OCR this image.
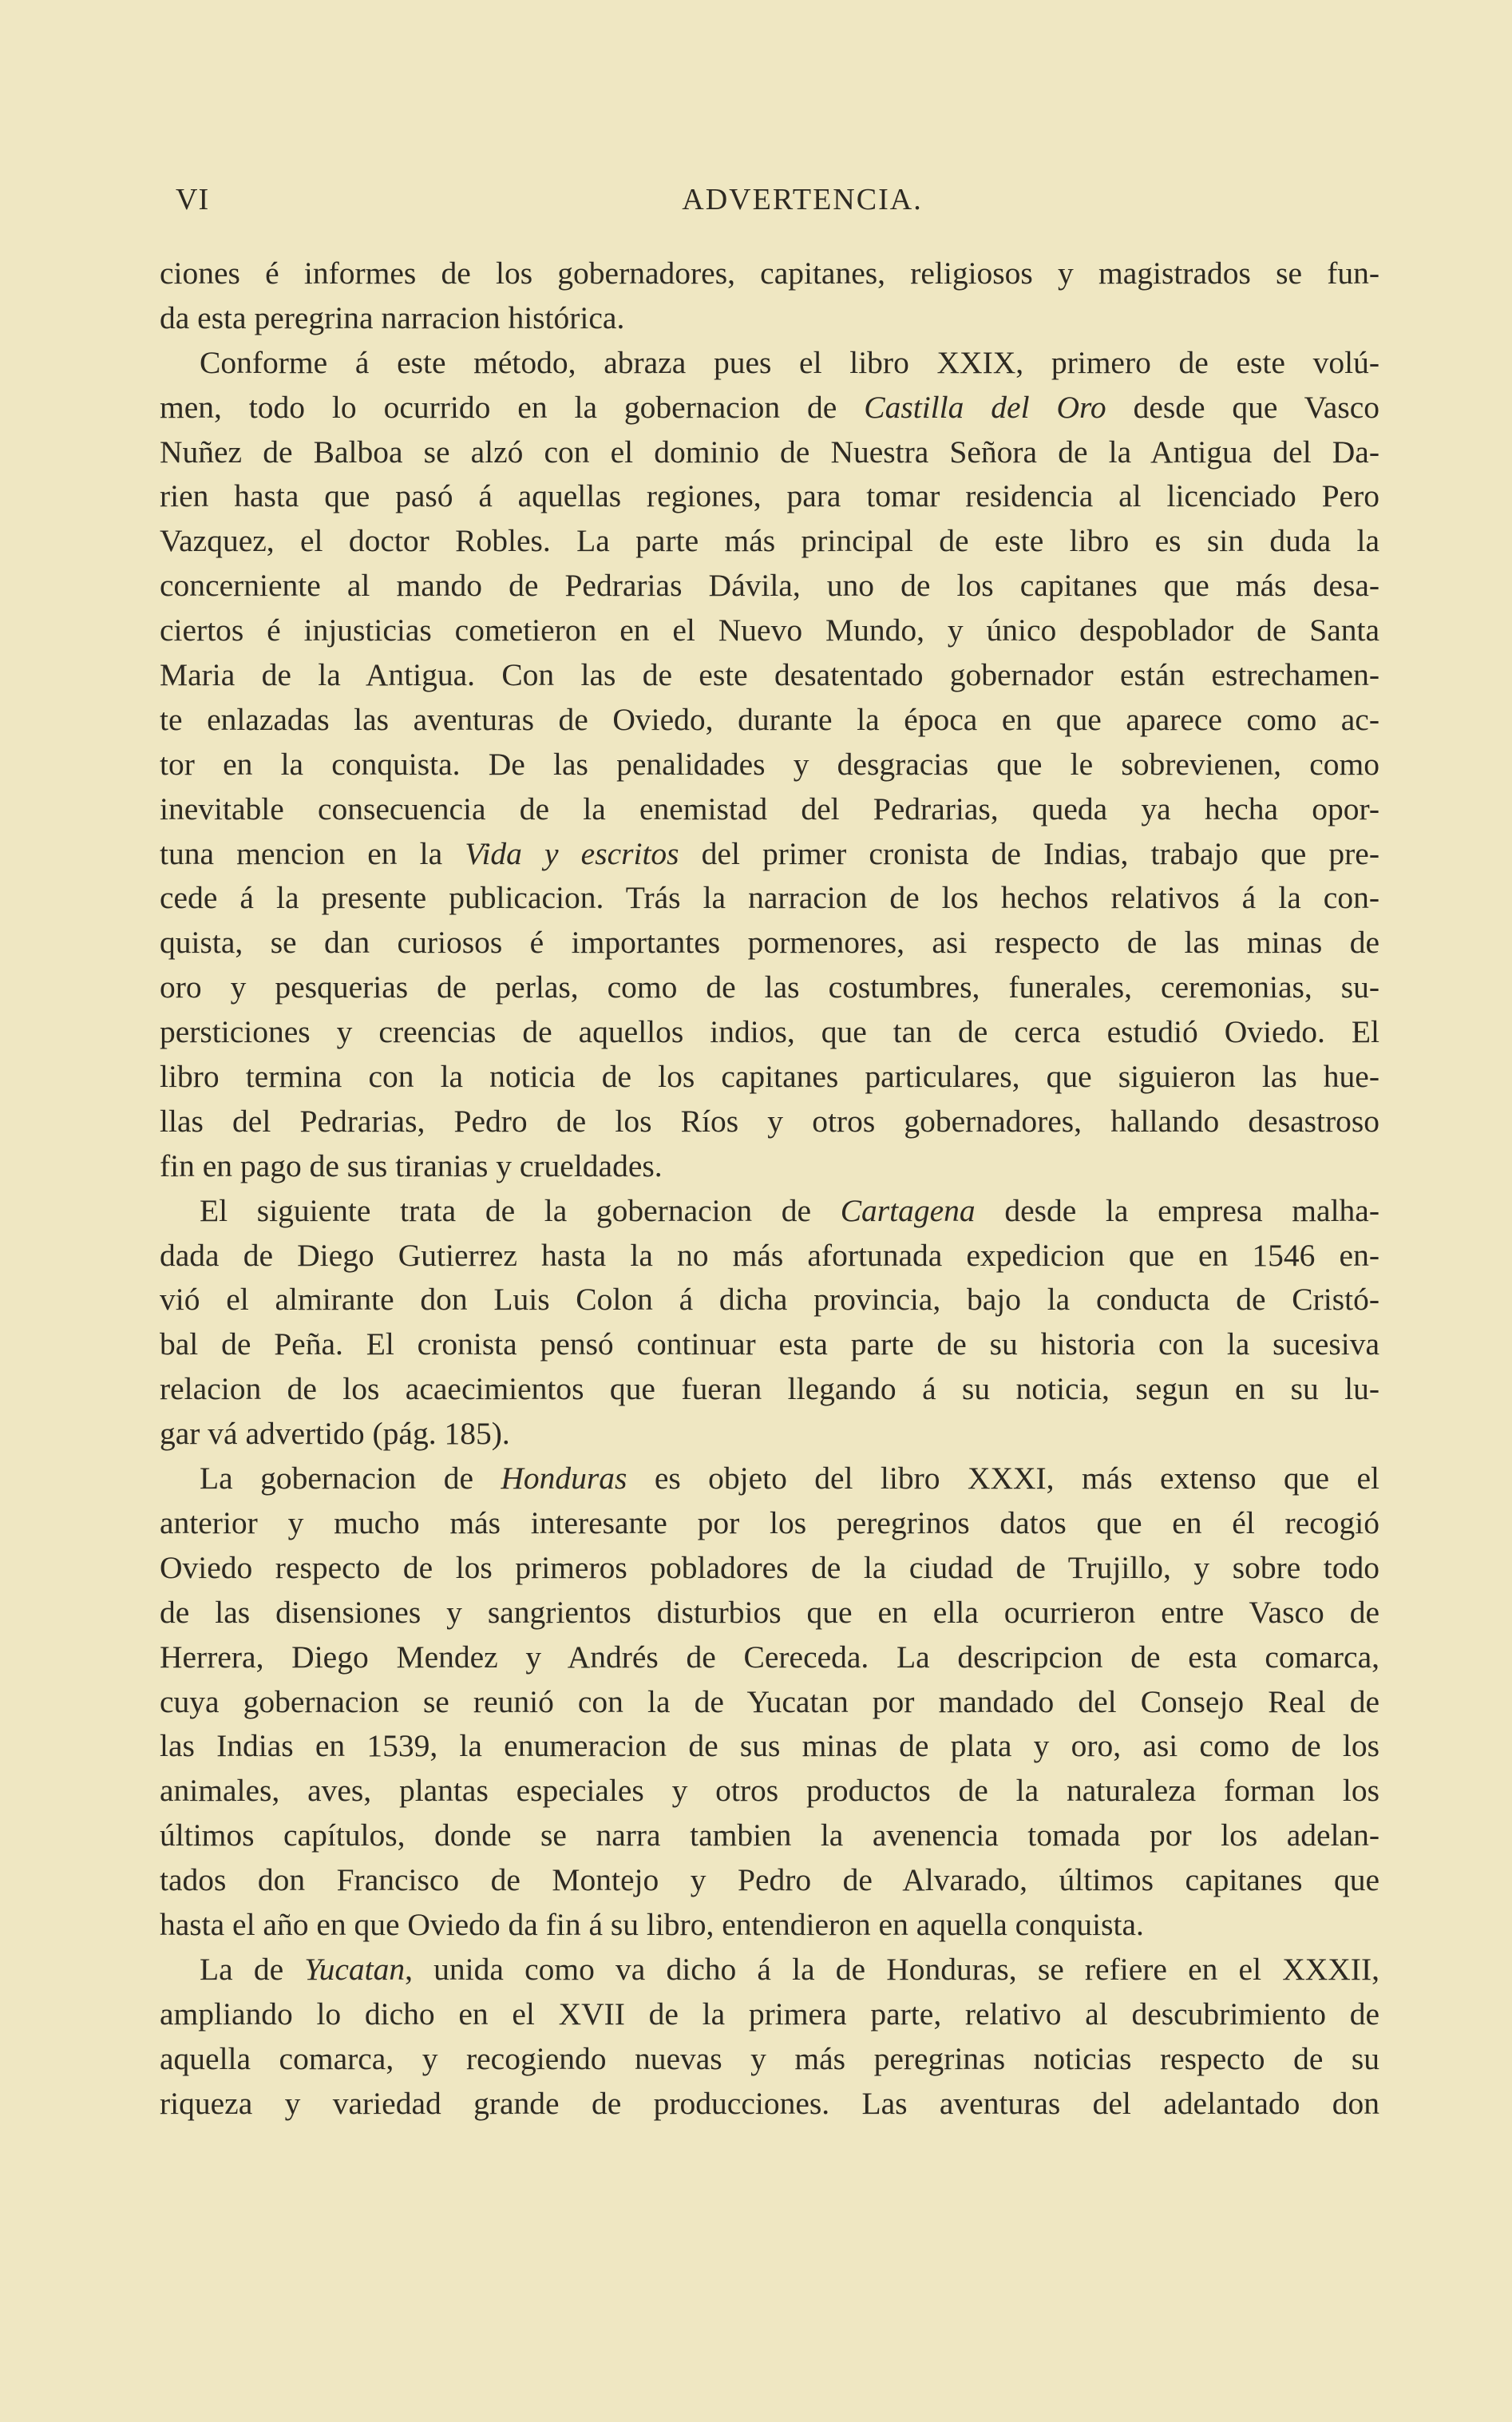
VI	ADVERTENCIA.
ciones é informes de los gobernadores, capitanes, religiosos y magistrados se fun-
da esta peregrina narracion histórica.
Conforme á este método, abraza pues el libro XXIX, primero de este volú-
men, todo lo ocurrido en la gobernacion de Castilla del Oro desde que Vasco
Nuñez de Balboa se alzó con el dominio de Nuestra Señora de la Antigua del Da-
rien hasta que pasó á aquellas regiones, para tomar residencia al licenciado Pero
Vazquez, el doctor Robles. La parte más principal de este libro es sin duda la
concerniente al mando de Pedrarias Dávila, uno de los capitanes que más desa-
ciertos é injusticias cometieron en el Nuevo Mundo, y único despoblador de Santa
Maria de la Antigua. Con las de este desatentado gobernador están estrechamen-
te enlazadas las aventuras de Oviedo, durante la época en que aparece como ac-
tor en la conquista. De las penalidades y desgracias que le sobrevienen, como
inevitable consecuencia de la enemistad del Pedrarias, queda ya hecha opor-
tuna mencion en la Vida y escritos del primer cronista de Indias, trabajo que pre-
cede á la presente publicacion. Trás la narracion de los hechos relativos á la con-
quista, se dan curiosos é importantes pormenores, asi respecto de las minas de
oro y pesquerias de perlas, como de las costumbres, funerales, ceremonias, su-
persticiones y creencias de aquellos indios, que tan de cerca estudió Oviedo. El
libro termina con la noticia de los capitanes particulares, que siguieron las hue-
llas del Pedrarias, Pedro de los Ríos y otros gobernadores, hallando desastroso
fin en pago de sus tiranias y crueldades.
El siguiente trata de la gobernacion de Cartagena desde la empresa malha-
dada de Diego Gutierrez hasta la no más afortunada expedicion que en 1546 en-
vió el almirante don Luis Colon á dicha provincia, bajo la conducta de Cristó-
bal de Peña. El cronista pensó continuar esta parte de su historia con la sucesiva
relacion de los acaecimientos que fueran llegando á su noticia, segun en su lu-
gar vá advertido (pág. 185).
La gobernacion de Honduras es objeto del libro XXXI, más extenso que el
anterior y mucho más interesante por los peregrinos datos que en él recogió
Oviedo respecto de los primeros pobladores de la ciudad de Trujillo, y sobre todo
de las disensiones y sangrientos disturbios que en ella ocurrieron entre Vasco de
Herrera, Diego Mendez y Andrés de Cereceda. La descripcion de esta comarca,
cuya gobernacion se reunió con la de Yucatan por mandado del Consejo Real de
las Indias en 1539, la enumeracion de sus minas de plata y oro, asi como de los
animales, aves, plantas especiales y otros productos de la naturaleza forman los
últimos capítulos, donde se narra tambien la avenencia tomada por los adelan-
tados don Francisco de Montejo y Pedro de Alvarado, últimos capitanes que
hasta el año en que Oviedo da fin á su libro, entendieron en aquella conquista.
La de Yucatan, unida como va dicho á la de Honduras, se refiere en el XXXII,
ampliando lo dicho en el XVII de la primera parte, relativo al descubrimiento de
aquella comarca, y recogiendo nuevas y más peregrinas noticias respecto de su
riqueza y variedad grande de producciones. Las aventuras del adelantado don
